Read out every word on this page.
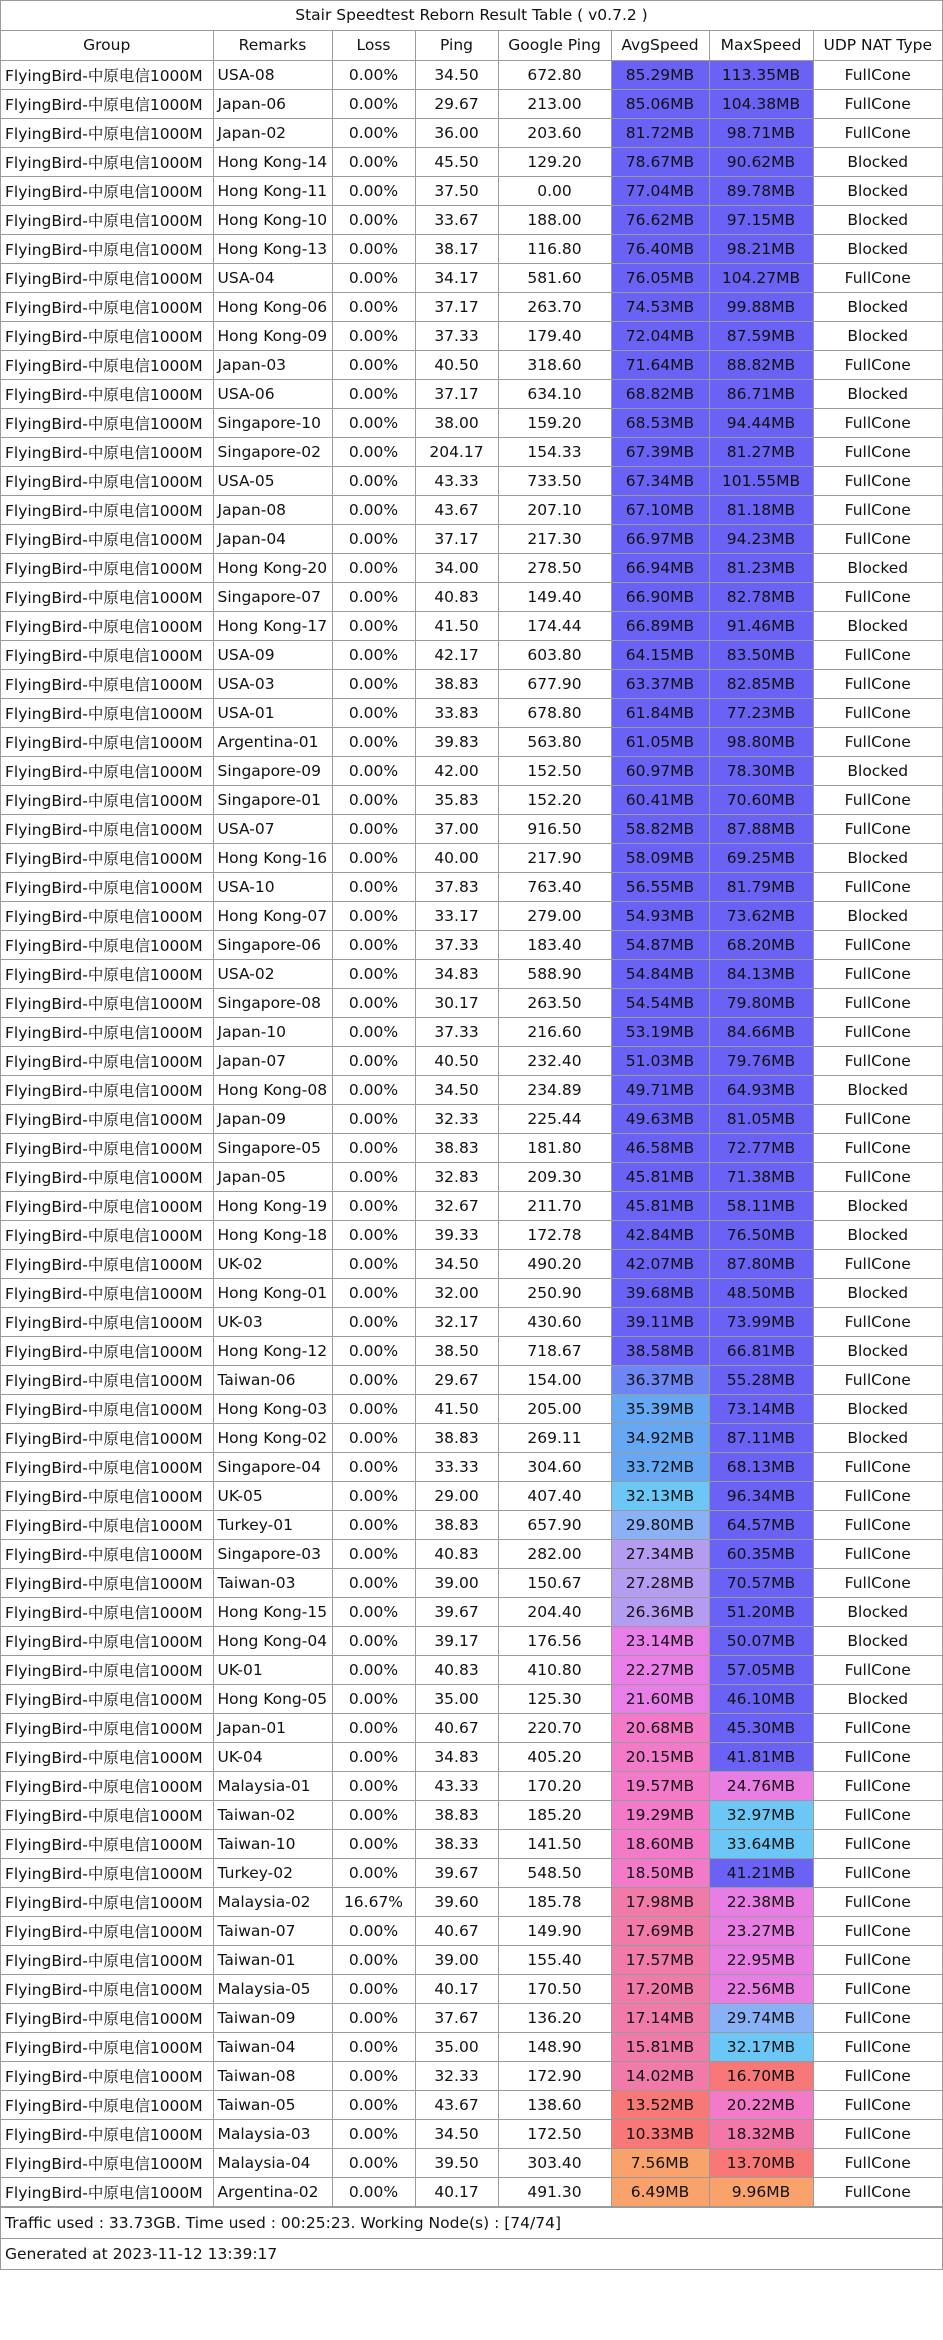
Stair Speedtest Reborn Result Table ( v0.7.2 )
Group	Remarks	Loss	Ping	Google Ping	AvgSpeed	MaxSpeed	UDP NAT Type
FlyingBird-中原电信1000M	USA-08	0.00%	34.50	672.80	85.29MB	113.35MB	FullCone
FlyingBird-中原电信1000M	Japan-06	0.00%	29.67	213.00	85.06MB	104.38MB	FullCone
FlyingBird-中原电信1000M	Japan-02	0.00%	36.00	203.60	81.72MB	98.71MB	FullCone
FlyingBird-中原电信1000M	Hong Kong-14	0.00%	45.50	129.20	78.67MB	90.62MB	Blocked
FlyingBird-中原电信1000M	Hong Kong-11	0.00%	37.50	0.00	77.04MB	89.78MB	Blocked
FlyingBird-中原电信1000M	Hong Kong-10	0.00%	33.67	188.00	76.62MB	97.15MB	Blocked
FlyingBird-中原电信1000M	Hong Kong-13	0.00%	38.17	116.80	76.40MB	98.21MB	Blocked
FlyingBird-中原电信1000M	USA-04	0.00%	34.17	581.60	76.05MB	104.27MB	FullCone
FlyingBird-中原电信1000M	Hong Kong-06	0.00%	37.17	263.70	74.53MB	99.88MB	Blocked
FlyingBird-中原电信1000M	Hong Kong-09	0.00%	37.33	179.40	72.04MB	87.59MB	Blocked
FlyingBird-中原电信1000M	Japan-03	0.00%	40.50	318.60	71.64MB	88.82MB	FullCone
FlyingBird-中原电信1000M	USA-06	0.00%	37.17	634.10	68.82MB	86.71MB	Blocked
FlyingBird-中原电信1000M	Singapore-10	0.00%	38.00	159.20	68.53MB	94.44MB	FullCone
FlyingBird-中原电信1000M	Singapore-02	0.00%	204.17	154.33	67.39MB	81.27MB	FullCone
FlyingBird-中原电信1000M	USA-05	0.00%	43.33	733.50	67.34MB	101.55MB	FullCone
FlyingBird-中原电信1000M	Japan-08	0.00%	43.67	207.10	67.10MB	81.18MB	FullCone
FlyingBird-中原电信1000M	Japan-04	0.00%	37.17	217.30	66.97MB	94.23MB	FullCone
FlyingBird-中原电信1000M	Hong Kong-20	0.00%	34.00	278.50	66.94MB	81.23MB	Blocked
FlyingBird-中原电信1000M	Singapore-07	0.00%	40.83	149.40	66.90MB	82.78MB	FullCone
FlyingBird-中原电信1000M	Hong Kong-17	0.00%	41.50	174.44	66.89MB	91.46MB	Blocked
FlyingBird-中原电信1000M	USA-09	0.00%	42.17	603.80	64.15MB	83.50MB	FullCone
FlyingBird-中原电信1000M	USA-03	0.00%	38.83	677.90	63.37MB	82.85MB	FullCone
FlyingBird-中原电信1000M	USA-01	0.00%	33.83	678.80	61.84MB	77.23MB	FullCone
FlyingBird-中原电信1000M	Argentina-01	0.00%	39.83	563.80	61.05MB	98.80MB	FullCone
FlyingBird-中原电信1000M	Singapore-09	0.00%	42.00	152.50	60.97MB	78.30MB	Blocked
FlyingBird-中原电信1000M	Singapore-01	0.00%	35.83	152.20	60.41MB	70.60MB	FullCone
FlyingBird-中原电信1000M	USA-07	0.00%	37.00	916.50	58.82MB	87.88MB	FullCone
FlyingBird-中原电信1000M	Hong Kong-16	0.00%	40.00	217.90	58.09MB	69.25MB	Blocked
FlyingBird-中原电信1000M	USA-10	0.00%	37.83	763.40	56.55MB	81.79MB	FullCone
FlyingBird-中原电信1000M	Hong Kong-07	0.00%	33.17	279.00	54.93MB	73.62MB	Blocked
FlyingBird-中原电信1000M	Singapore-06	0.00%	37.33	183.40	54.87MB	68.20MB	FullCone
FlyingBird-中原电信1000M	USA-02	0.00%	34.83	588.90	54.84MB	84.13MB	FullCone
FlyingBird-中原电信1000M	Singapore-08	0.00%	30.17	263.50	54.54MB	79.80MB	FullCone
FlyingBird-中原电信1000M	Japan-10	0.00%	37.33	216.60	53.19MB	84.66MB	FullCone
FlyingBird-中原电信1000M	Japan-07	0.00%	40.50	232.40	51.03MB	79.76MB	FullCone
FlyingBird-中原电信1000M	Hong Kong-08	0.00%	34.50	234.89	49.71MB	64.93MB	Blocked
FlyingBird-中原电信1000M	Japan-09	0.00%	32.33	225.44	49.63MB	81.05MB	FullCone
FlyingBird-中原电信1000M	Singapore-05	0.00%	38.83	181.80	46.58MB	72.77MB	FullCone
FlyingBird-中原电信1000M	Japan-05	0.00%	32.83	209.30	45.81MB	71.38MB	FullCone
FlyingBird-中原电信1000M	Hong Kong-19	0.00%	32.67	211.70	45.81MB	58.11MB	Blocked
FlyingBird-中原电信1000M	Hong Kong-18	0.00%	39.33	172.78	42.84MB	76.50MB	Blocked
FlyingBird-中原电信1000M	UK-02	0.00%	34.50	490.20	42.07MB	87.80MB	FullCone
FlyingBird-中原电信1000M	Hong Kong-01	0.00%	32.00	250.90	39.68MB	48.50MB	Blocked
FlyingBird-中原电信1000M	UK-03	0.00%	32.17	430.60	39.11MB	73.99MB	FullCone
FlyingBird-中原电信1000M	Hong Kong-12	0.00%	38.50	718.67	38.58MB	66.81MB	Blocked
FlyingBird-中原电信1000M	Taiwan-06	0.00%	29.67	154.00	36.37MB	55.28MB	FullCone
FlyingBird-中原电信1000M	Hong Kong-03	0.00%	41.50	205.00	35.39MB	73.14MB	Blocked
FlyingBird-中原电信1000M	Hong Kong-02	0.00%	38.83	269.11	34.92MB	87.11MB	Blocked
FlyingBird-中原电信1000M	Singapore-04	0.00%	33.33	304.60	33.72MB	68.13MB	FullCone
FlyingBird-中原电信1000M	UK-05	0.00%	29.00	407.40	32.13MB	96.34MB	FullCone
FlyingBird-中原电信1000M	Turkey-01	0.00%	38.83	657.90	29.80MB	64.57MB	FullCone
FlyingBird-中原电信1000M	Singapore-03	0.00%	40.83	282.00	27.34MB	60.35MB	FullCone
FlyingBird-中原电信1000M	Taiwan-03	0.00%	39.00	150.67	27.28MB	70.57MB	FullCone
FlyingBird-中原电信1000M	Hong Kong-15	0.00%	39.67	204.40	26.36MB	51.20MB	Blocked
FlyingBird-中原电信1000M	Hong Kong-04	0.00%	39.17	176.56	23.14MB	50.07MB	Blocked
FlyingBird-中原电信1000M	UK-01	0.00%	40.83	410.80	22.27MB	57.05MB	FullCone
FlyingBird-中原电信1000M	Hong Kong-05	0.00%	35.00	125.30	21.60MB	46.10MB	Blocked
FlyingBird-中原电信1000M	Japan-01	0.00%	40.67	220.70	20.68MB	45.30MB	FullCone
FlyingBird-中原电信1000M	UK-04	0.00%	34.83	405.20	20.15MB	41.81MB	FullCone
FlyingBird-中原电信1000M	Malaysia-01	0.00%	43.33	170.20	19.57MB	24.76MB	FullCone
FlyingBird-中原电信1000M	Taiwan-02	0.00%	38.83	185.20	19.29MB	32.97MB	FullCone
FlyingBird-中原电信1000M	Taiwan-10	0.00%	38.33	141.50	18.60MB	33.64MB	FullCone
FlyingBird-中原电信1000M	Turkey-02	0.00%	39.67	548.50	18.50MB	41.21MB	FullCone
FlyingBird-中原电信1000M	Malaysia-02	16.67%	39.60	185.78	17.98MB	22.38MB	FullCone
FlyingBird-中原电信1000M	Taiwan-07	0.00%	40.67	149.90	17.69MB	23.27MB	FullCone
FlyingBird-中原电信1000M	Taiwan-01	0.00%	39.00	155.40	17.57MB	22.95MB	FullCone
FlyingBird-中原电信1000M	Malaysia-05	0.00%	40.17	170.50	17.20MB	22.56MB	FullCone
FlyingBird-中原电信1000M	Taiwan-09	0.00%	37.67	136.20	17.14MB	29.74MB	FullCone
FlyingBird-中原电信1000M	Taiwan-04	0.00%	35.00	148.90	15.81MB	32.17MB	FullCone
FlyingBird-中原电信1000M	Taiwan-08	0.00%	32.33	172.90	14.02MB	16.70MB	FullCone
FlyingBird-中原电信1000M	Taiwan-05	0.00%	43.67	138.60	13.52MB	20.22MB	FullCone
FlyingBird-中原电信1000M	Malaysia-03	0.00%	34.50	172.50	10.33MB	18.32MB	FullCone
FlyingBird-中原电信1000M	Malaysia-04	0.00%	39.50	303.40	7.56MB	13.70MB	FullCone
FlyingBird-中原电信1000M	Argentina-02	0.00%	40.17	491.30	6.49MB	9.96MB	FullCone
Traffic used : 33.73GB. Time used : 00:25:23. Working Node(s) : [74/74]
Generated at 2023-11-12 13:39:17
